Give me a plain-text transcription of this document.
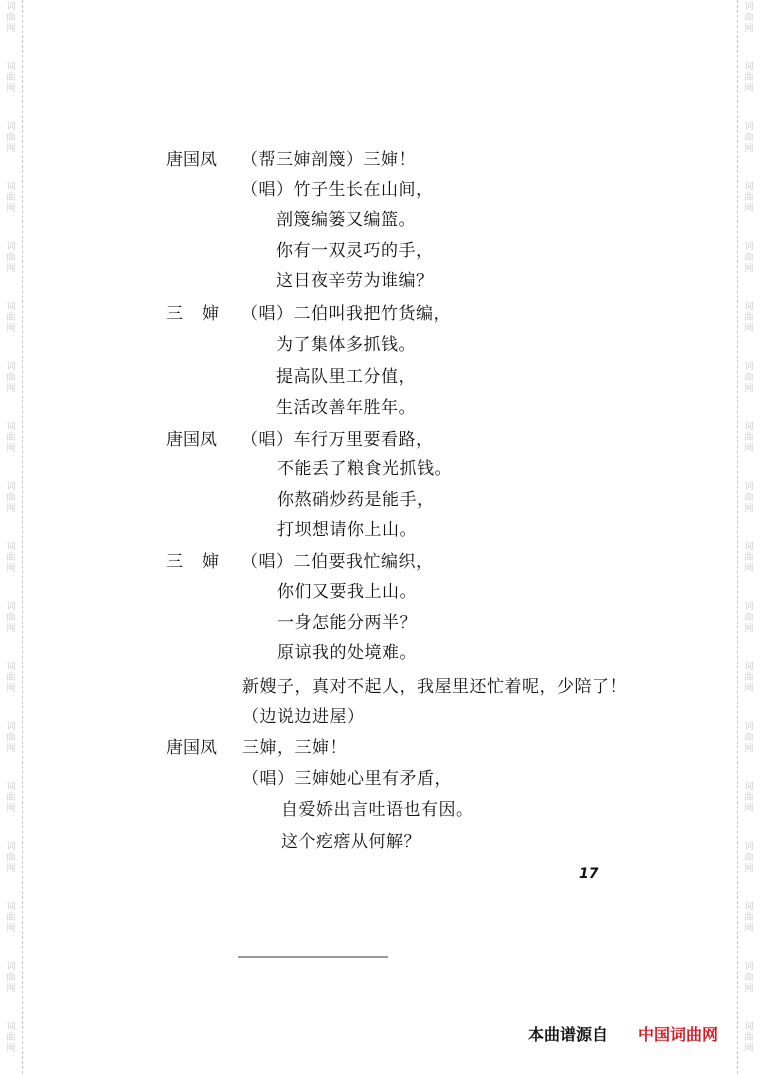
词
曲
网
词
曲
网
词
曲
网
词
曲
网
词
曲
网
词
曲
网
词
曲
网
词
曲
网
词
曲
网
词
曲
网
词
曲
网
词
曲
网
词
曲
网
词
曲
网
词
曲
网
词
曲
网
词
曲
网
词
曲
网
词
曲
网
词
曲
网
词
曲
网
词
曲
网
词
曲
网
词
曲
网
词
曲
网
词
曲
网
词
曲
网
词
曲
网
词
曲
网
词
曲
网
词
曲
网
词
曲
网
词
曲
网
词
曲
网
词
曲
网
词
曲
网
唐国凤 （帮三婶剖篾）三婶！
（唱）竹子生长在山间，
剖篾编篓又编篮。
你有一双灵巧的手，
这日夜辛劳为谁编？
三婶 （唱）二伯叫我把竹货编，
为了集体多抓钱。
提高队里工分值，
生活改善年胜年。
唐国凤 （唱）车行万里要看路，
不能丢了粮食光抓钱。
你熬硝炒药是能手，
打坝想请你上山。
三婶 （唱）二伯要我忙编织，
你们又要我上山。
一身怎能分两半？
原谅我的处境难。
新嫂子，真对不起人，我屋里还忙着呢，少陪了！
（边说边进屋）
唐国凤 三婶，三婶！
（唱）三婶她心里有矛盾，
自爱娇出言吐语也有因。
这个疙瘩从何解？
17
本曲谱源自 中国词曲网
